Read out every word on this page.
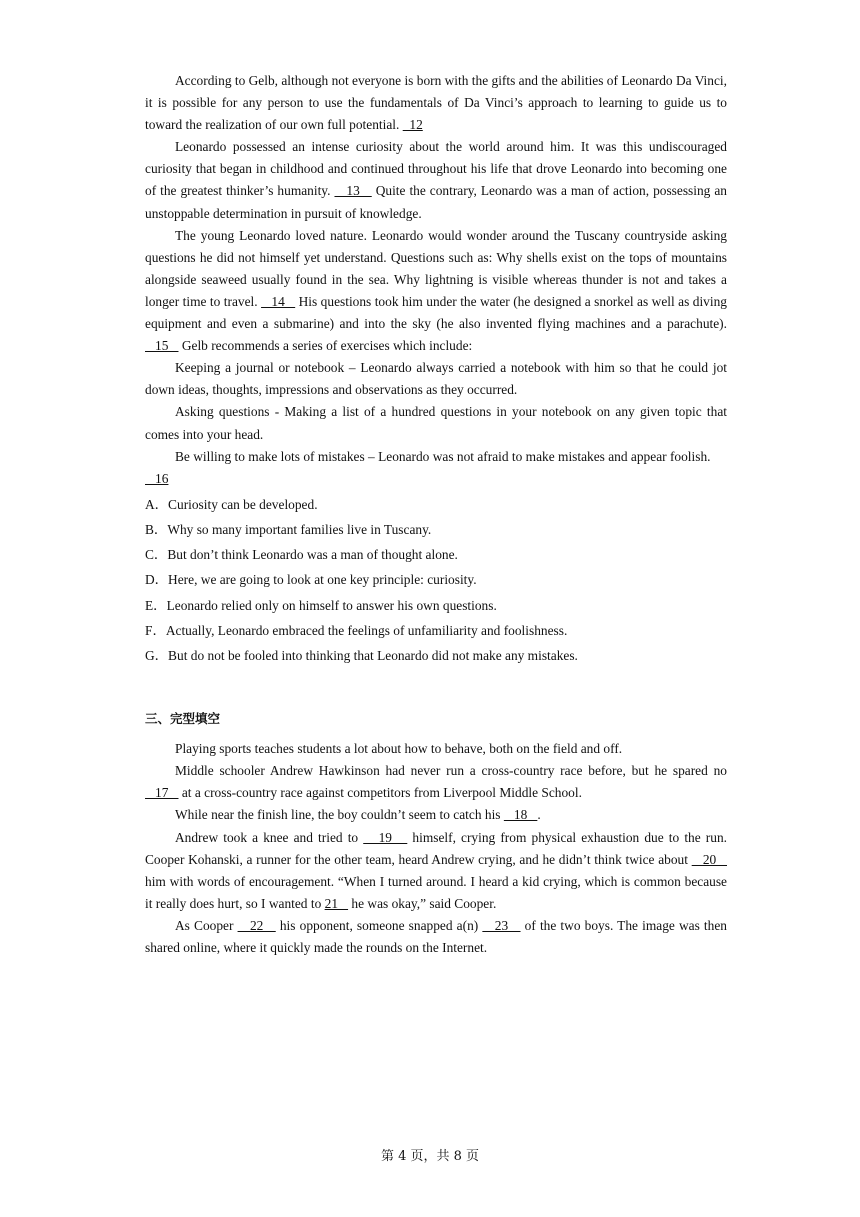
According to Gelb, although not everyone is born with the gifts and the abilities of Leonardo Da Vinci, it is possible for any person to use the fundamentals of Da Vinci’s approach to learning to guide us to toward the realization of our own full potential.   12

Leonardo possessed an intense curiosity about the world around him. It was this undiscouraged curiosity that began in childhood and continued throughout his life that drove Leonardo into becoming one of the greatest thinker’s humanity.    13    Quite the contrary, Leonardo was a man of action, possessing an unstoppable determination in pursuit of knowledge.

The young Leonardo loved nature. Leonardo would wonder around the Tuscany countryside asking questions he did not himself yet understand. Questions such as: Why shells exist on the tops of mountains alongside seaweed usually found in the sea. Why lightning is visible whereas thunder is not and takes a longer time to travel.    14    His questions took him under the water (he designed a snorkel as well as diving equipment and even a submarine) and into the sky (he also invented flying machines and a parachute).    15    Gelb recommends a series of exercises which include:

Keeping a journal or notebook – Leonardo always carried a notebook with him so that he could jot down ideas, thoughts, impressions and observations as they occurred.

Asking questions - Making a list of a hundred questions in your notebook on any given topic that comes into your head.

Be willing to make lots of mistakes – Leonardo was not afraid to make mistakes and appear foolish.

16

A．Curiosity can be developed.

B．Why so many important families live in Tuscany.

C．But don’t think Leonardo was a man of thought alone.

D．Here, we are going to look at one key principle: curiosity.

E．Leonardo relied only on himself to answer his own questions.

F．Actually, Leonardo embraced the feelings of unfamiliarity and foolishness.

G．But do not be fooled into thinking that Leonardo did not make any mistakes.

三、完型填空

Playing sports teaches students a lot about how to behave, both on the field and off.

Middle schooler Andrew Hawkinson had never run a cross-country race before, but he spared no    17    at a cross-country race against competitors from Liverpool Middle School.

While near the finish line, the boy couldn’t seem to catch his    18   .

Andrew took a knee and tried to    19    himself, crying from physical exhaustion due to the run. Cooper Kohanski, a runner for the other team, heard Andrew crying, and he didn’t think twice about    20    him with words of encouragement. “When I turned around. I heard a kid crying, which is common because it really does hurt, so I wanted to 21    he was okay,” said Cooper.

As Cooper    22    his opponent, someone snapped a(n)    23    of the two boys. The image was then shared online, where it quickly made the rounds on the Internet.

第 4 页，共 8 页
